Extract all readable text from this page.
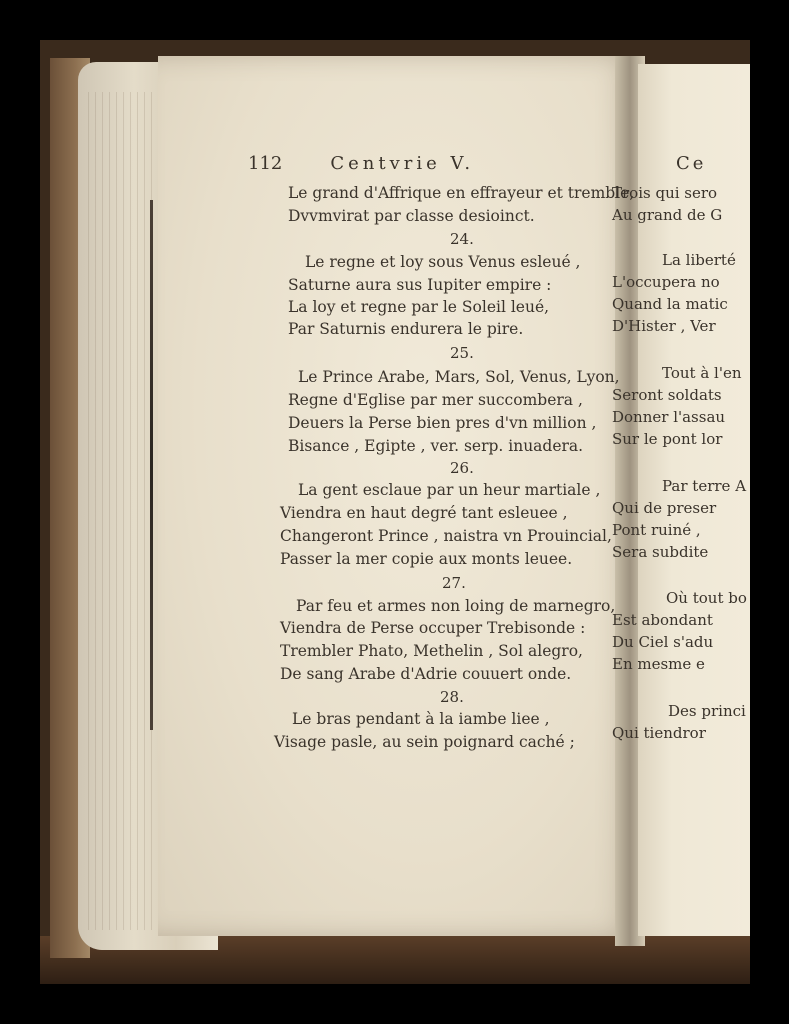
112	Centvrie V.
Le grand d'Affrique en effrayeur et tremble,
Dvvmvirat par classe desioinct.
24.
Le regne et loy sous Venus esleué ,
Saturne aura sus Iupiter empire :
La loy et regne par le Soleil leué,
Par Saturnis endurera le pire.
25.
Le Prince Arabe, Mars, Sol, Venus, Lyon,
Regne d'Eglise par mer succombera ,
Deuers la Perse bien pres d'vn million ,
Bisance , Egipte , ver. serp. inuadera.
26.
La gent esclaue par un heur martiale ,
Viendra en haut degré tant esleuee ,
Changeront Prince , naistra vn Prouincial,
Passer la mer copie aux monts leuee.
27.
Par feu et armes non loing de marnegro,
Viendra de Perse occuper Trebisonde :
Trembler Phato, Methelin , Sol alegro,
De sang Arabe d'Adrie couuert onde.
28.
Le bras pendant à la iambe liee ,
Visage pasle, au sein poignard caché ;
Ce
Trois qui sero
Au grand de G
La liberté
L'occupera no
Quand la matic
D'Hister , Ver
Tout à l'en
Seront soldats
Donner l'assau
Sur le pont lor
Par terre A
Qui de preser
Pont ruiné ,
Sera subdite
Où tout bo
Est abondant
Du Ciel s'adu
En mesme e
Des princi
Qui tiendror
